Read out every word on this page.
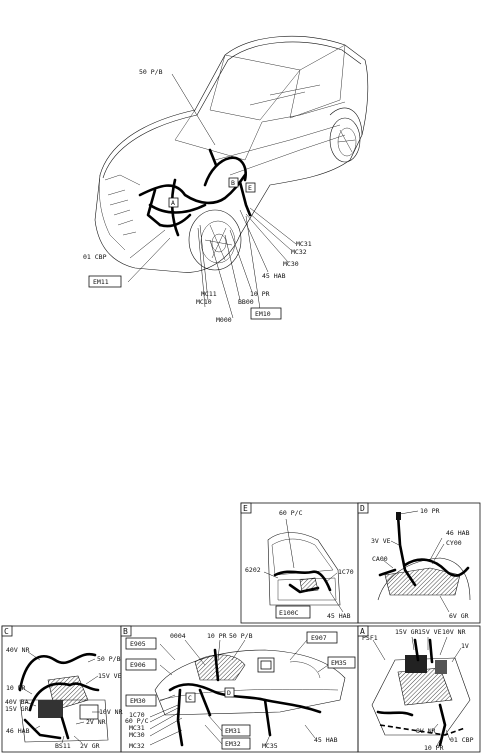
A
B
E
50 P/B
01 CBP
MC31
MC32
MC30
45 HAB
10 PR
BB00
MC11
MC10
M000
EM11
EM10
E	60 P/C
6202	1C70
45 HAB
E100C
D	10 PR
3V VE
46 HAB
CY00
CA00
6V GR
C
40V NR
50 P/B
15V VE
10 PR
40V BA
15V GR	10V NR
2V NR
46 HAB
BS11 2V GR
B
C
D
0004	10 PR 50 P/B
1C70
60 P/C
MC31
MC30
MC32	MC35
45 HAB
E905
E906
EM30
E907
EM35
EM31
EM32
A
PSF1
15V GR 15V VE 10V NR
1V
8V NR
01 CBP
10 PR
